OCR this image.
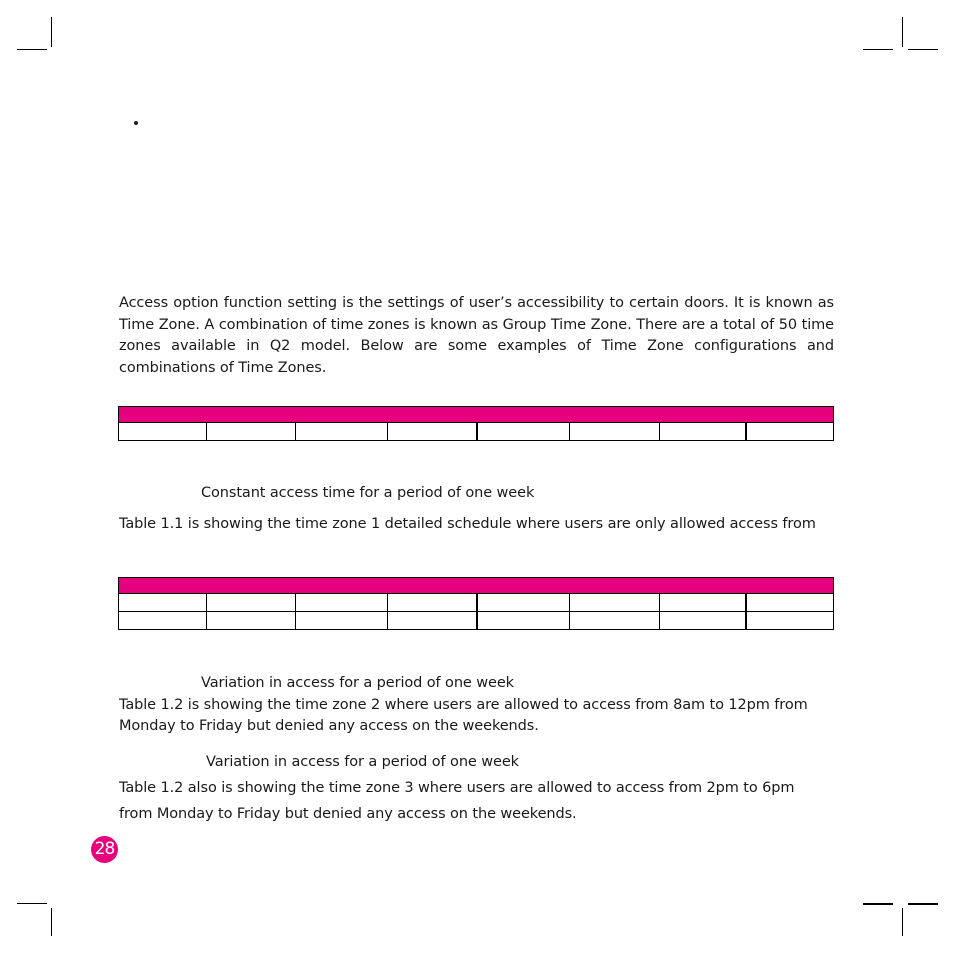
Access option function setting is the settings of user’s accessibility to certain doors. It is known as Time Zone. A combination of time zones is known as Group Time Zone. There are a total of 50 time zones available in Q2 model. Below are some examples of Time Zone configurations and combinations of Time Zones.

Constant access time for a period of one week

Table 1.1 is showing the time zone 1 detailed schedule where users are only allowed access from

Variation in access for a period of one week

Table 1.2 is showing the time zone 2 where users are allowed to access from 8am to 12pm from

Monday to Friday but denied any access on the weekends.

Variation in access for a period of one week

Table 1.2 also is showing the time zone 3 where users are allowed to access from 2pm to 6pm

from Monday to Friday but denied any access on the weekends.

28
